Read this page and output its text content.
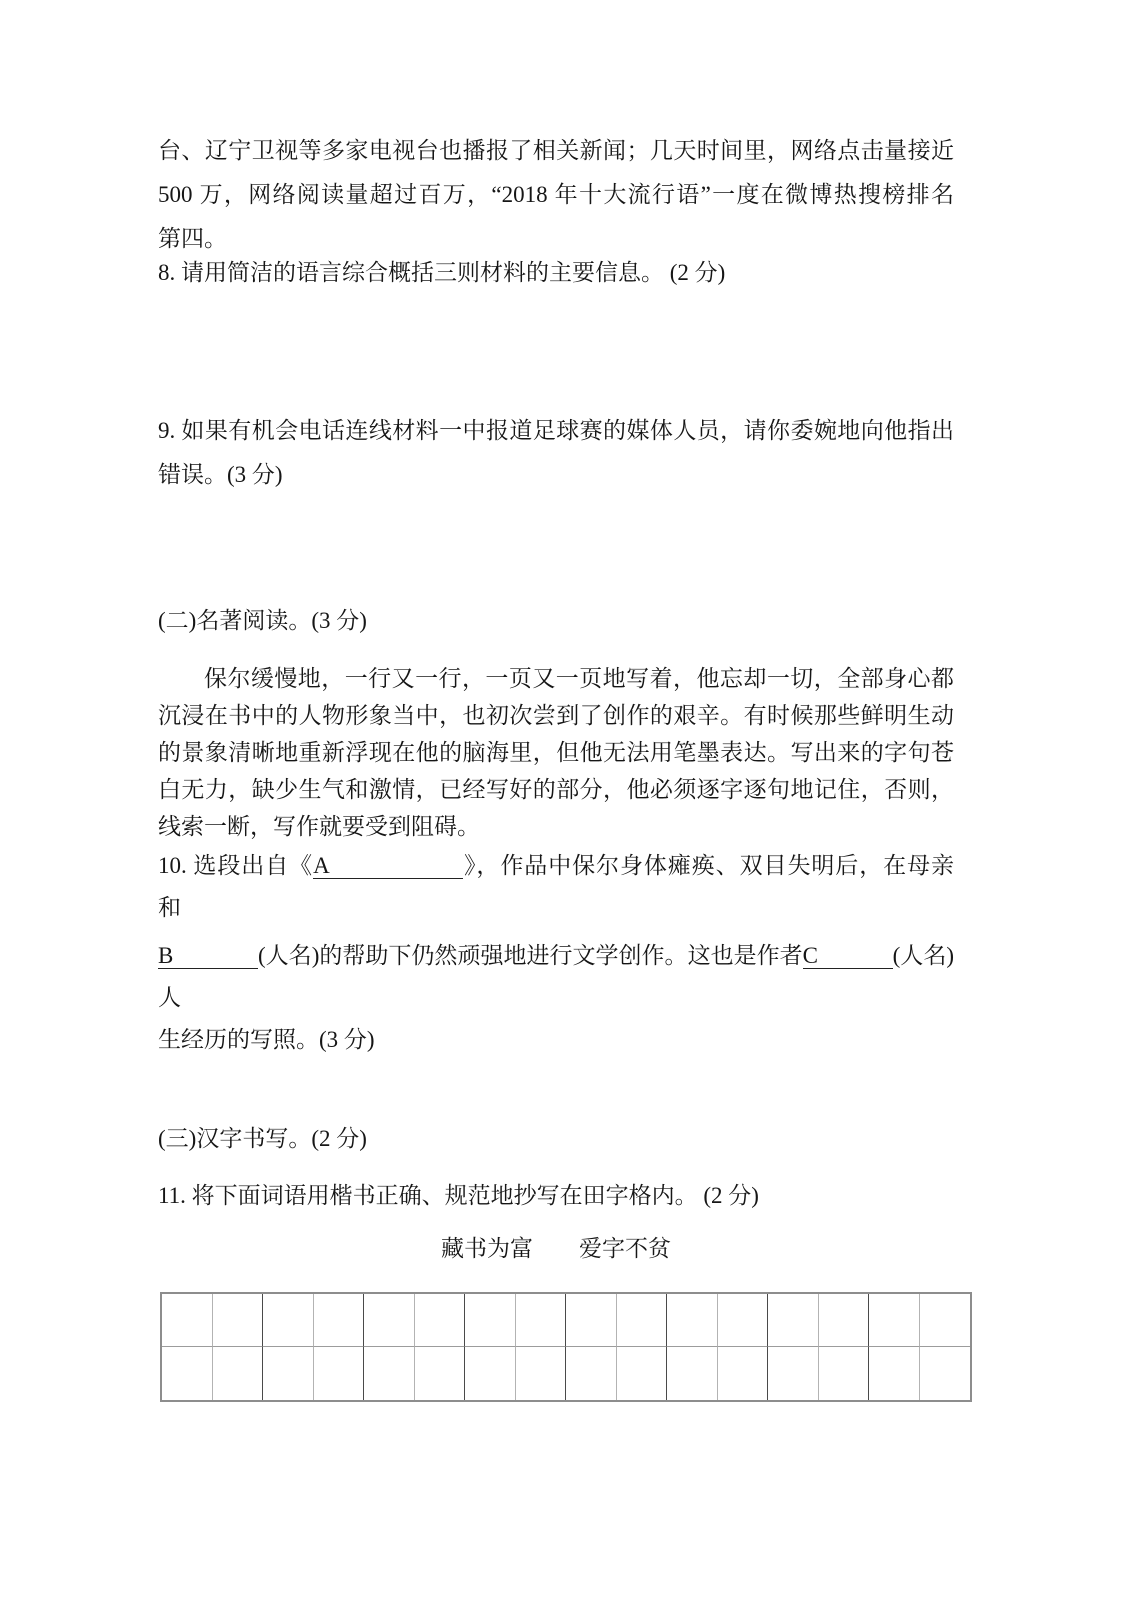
台、辽宁卫视等多家电视台也播报了相关新闻；几天时间里，网络点击量接近
500 万，网络阅读量超过百万，“2018 年十大流行语”一度在微博热搜榜排名
第四。
8. 请用简洁的语言综合概括三则材料的主要信息。 (2 分)
9. 如果有机会电话连线材料一中报道足球赛的媒体人员，请你委婉地向他指出
错误。(3 分)
(二)名著阅读。(3 分)
保尔缓慢地，一行又一行，一页又一页地写着，他忘却一切，全部身心都
沉浸在书中的人物形象当中，也初次尝到了创作的艰辛。有时候那些鲜明生动
的景象清晰地重新浮现在他的脑海里，但他无法用笔墨表达。写出来的字句苍
白无力，缺少生气和激情，已经写好的部分，他必须逐字逐句地记住，否则，
线索一断，写作就要受到阻碍。
10. 选段出自《A	》，作品中保尔身体瘫痪、双目失明后，在母亲
和
B	(人名)的帮助下仍然顽强地进行文学创作。这也是作者C	(人名)人
生经历的写照。(3 分)
(三)汉字书写。(2 分)
11. 将下面词语用楷书正确、规范地抄写在田字格内。 (2 分)
藏书为富　　爱字不贫
